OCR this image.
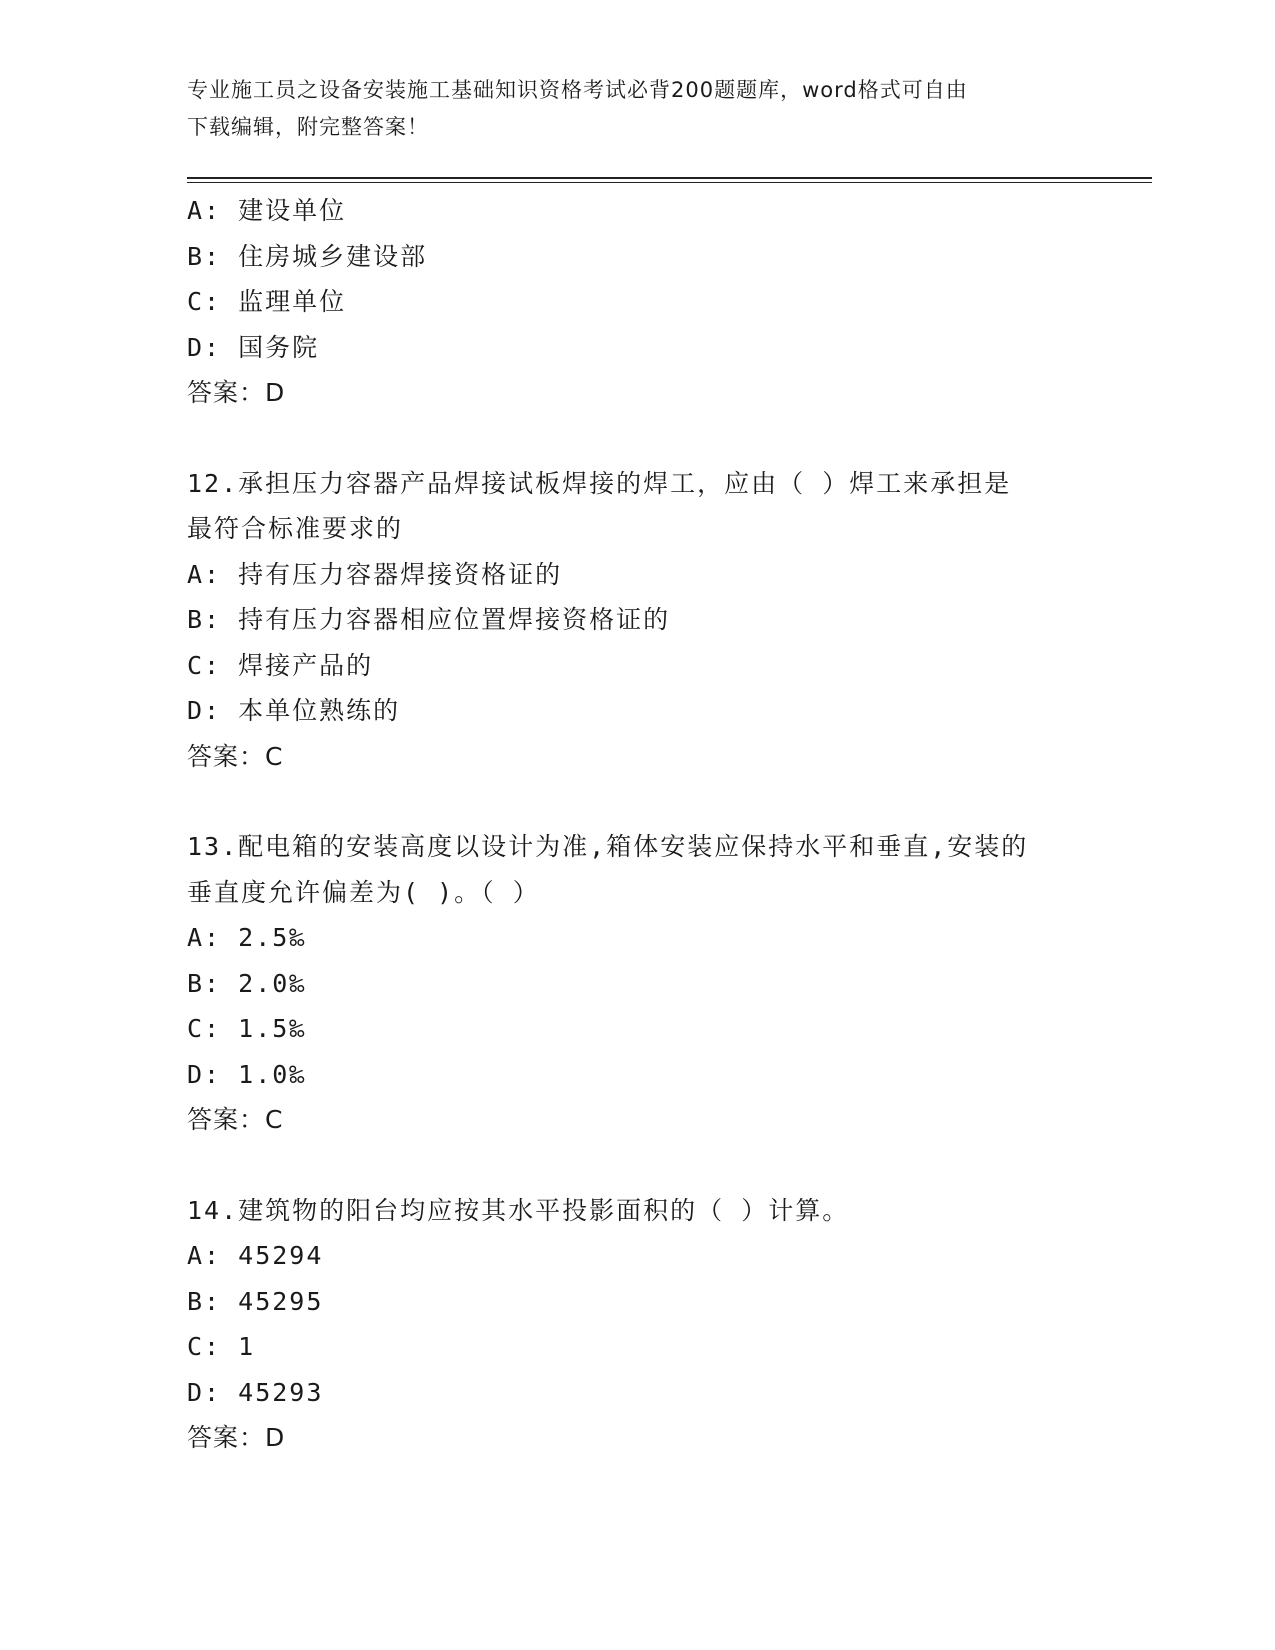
专业施工员之设备安装施工基础知识资格考试必背200题题库，word格式可自由
下载编辑，附完整答案！
A: 建设单位
B: 住房城乡建设部
C: 监理单位
D: 国务院
答案：D
12.承担压力容器产品焊接试板焊接的焊工，应由（ ）焊工来承担是
最符合标准要求的
A: 持有压力容器焊接资格证的
B: 持有压力容器相应位置焊接资格证的
C: 焊接产品的
D: 本单位熟练的
答案：C
13.配电箱的安装高度以设计为准,箱体安装应保持水平和垂直,安装的
垂直度允许偏差为( )。（ ）
A: 2.5‰
B: 2.0‰
C: 1.5‰
D: 1.0‰
答案：C
14.建筑物的阳台均应按其水平投影面积的（ ）计算。
A: 45294
B: 45295
C: 1
D: 45293
答案：D
